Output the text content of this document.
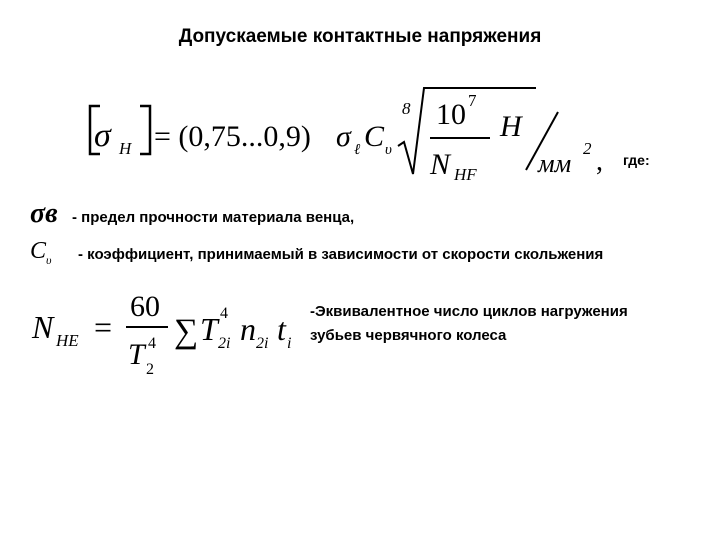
Допускаемые контактные напряжения
σ H = (0,75...0,9) σ ℓ C υ
8 10 7
N HF
H
мм
2 , где:
σв - предел прочности материала венца,
$C_\upsilon$ - коэффициент, принимаемый в зависимости от скорости скольжения
N HE =
60
T 4
2
∑ T 4
2i n 2i t i
-Эквивалентное число циклов нагружения
зубьев червячного колеса
